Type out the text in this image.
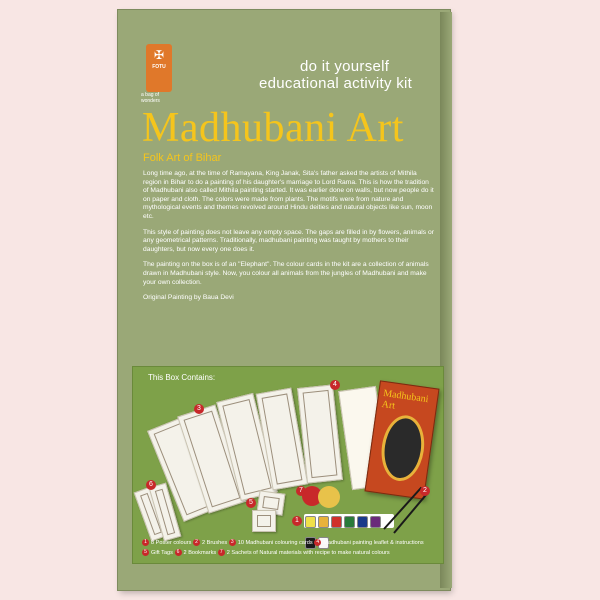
✠
FOTU
a bag of wonders
do it yourself
educational activity kit
Madhubani Art
Folk Art of Bihar

Long time ago, at the time of Ramayana, King Janak, Sita's father asked the artists of Mithila region in Bihar to do a painting of his daughter's marriage to Lord Rama. This is how the tradition of Madhubani also called Mithila painting started. It was earlier done on walls, but now people do it on paper and cloth. The colors were made from plants. The motifs were from nature and mythological events and themes revolved around Hindu deities and natural objects like sun, moon etc.

This style of painting does not leave any empty space. The gaps are filled in by flowers, animals or any geometrical patterns. Traditionally, madhubani painting was taught by mothers to their daughters, but now every one does it.

The painting on the box is of an "Elephant". The colour cards in the kit are a collection of animals drawn in Madhubani style. Now, you colour all animals from the jungles of Madhubani and make your own collection.

Original Painting by Baua Devi

This Box Contains:
Madhubani Art
1
2
3
4
5
6
7
1 8 Poster colours 2 2 Brushes 3 10 Madhubani colouring cards 4 Madhubani painting leaflet & instructions
5 Gift Tags 6 2 Bookmarks 7 2 Sachets of Natural materials with recipe to make natural colours
